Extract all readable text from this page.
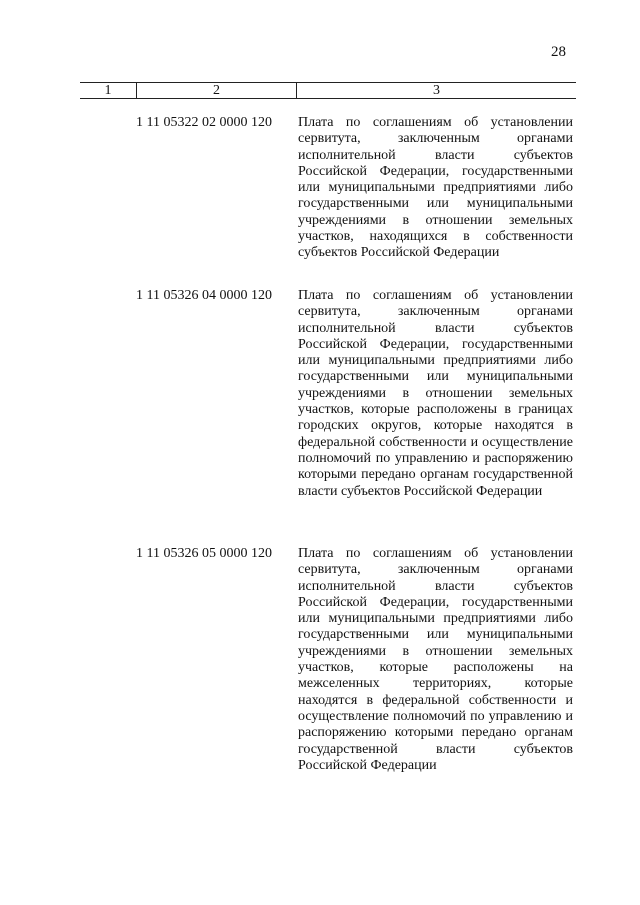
28
1	2	3
1 11 05322 02 0000 120 Плата по соглашениям об установлении сервитута, заключенным органами исполнительной власти субъектов Российской Федерации, государственными или муниципальными предприятиями либо государственными или муниципальными учреждениями в отношении земельных участков, находящихся в собственности субъектов Российской Федерации
1 11 05326 04 0000 120 Плата по соглашениям об установлении сервитута, заключенным органами исполнительной власти субъектов Российской Федерации, государственными или муниципальными предприятиями либо государственными или муниципальными учреждениями в отношении земельных участков, которые расположены в границах городских округов, которые находятся в федеральной собственности и осуществление полномочий по управлению и распоряжению которыми передано органам государственной власти субъектов Российской Федерации
1 11 05326 05 0000 120 Плата по соглашениям об установлении сервитута, заключенным органами исполнительной власти субъектов Российской Федерации, государственными или муниципальными предприятиями либо государственными или муниципальными учреждениями в отношении земельных участков, которые расположены на межселенных территориях, которые находятся в федеральной собственности и осуществление полномочий по управлению и распоряжению которыми передано органам государственной власти субъектов Российской Федерации
